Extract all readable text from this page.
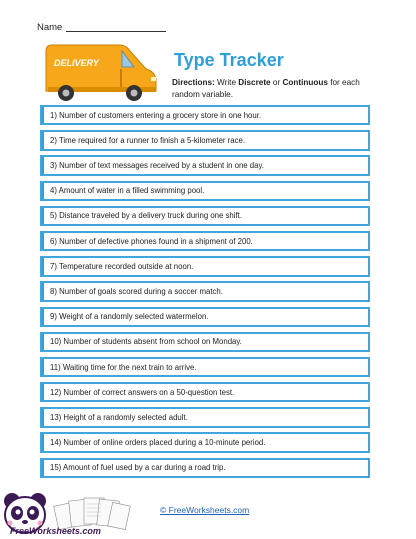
Name
DELIVERY	Type Tracker
Directions: Write Discrete or Continuous for each random variable.
1) Number of customers entering a grocery store in one hour.
2) Time required for a runner to finish a 5-kilometer race.
3) Number of text messages received by a student in one day.
4) Amount of water in a filled swimming pool.
5) Distance traveled by a delivery truck during one shift.
6) Number of defective phones found in a shipment of 200.
7) Temperature recorded outside at noon.
8) Number of goals scored during a soccer match.
9) Weight of a randomly selected watermelon.
10) Number of students absent from school on Monday.
11) Waiting time for the next train to arrive.
12) Number of correct answers on a 50-question test.
13) Height of a randomly selected adult.
14) Number of online orders placed during a 10-minute period.
15) Amount of fuel used by a car during a road trip.
FreeWorksheets.com
© FreeWorksheets.com
